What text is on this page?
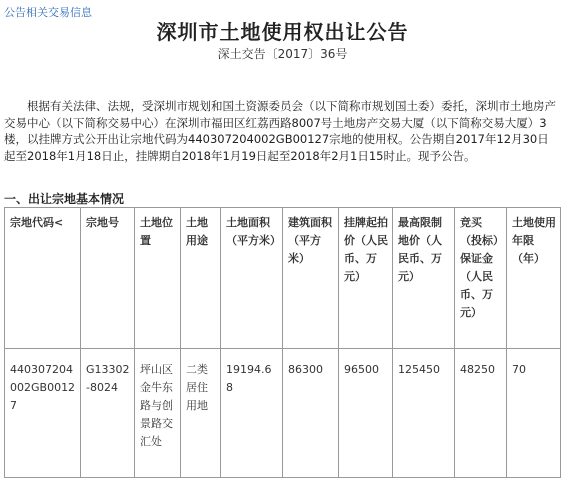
公告相关交易信息
深圳市土地使用权出让公告
深土交告〔2017〕36号

根据有关法律、法规，受深圳市规划和国土资源委员会（以下简称市规划国土委）委托，深圳市土地房产交易中心（以下简称交易中心）在深圳市福田区红荔西路8007号土地房产交易大厦（以下简称交易大厦）3楼，以挂牌方式公开出让宗地代码为440307204002GB00127宗地的使用权。公告期自2017年12月30日起至2018年1月18日止，挂牌期自2018年1月19日起至2018年2月1日15时止。现予公告。

一、出让宗地基本情况
宗地代码<	宗地号	土地位置	土地用途	土地面积（平方米）	建筑面积（平方米）	挂牌起拍价（人民币、万元）	最高限制地价（人民币、万元）	竞买（投标）保证金（人民币、万元）	土地使用年限（年）
440307204002GB00127	G13302-8024	坪山区金牛东路与创景路交汇处	二类居住用地	19194.68	86300	96500	125450	48250	70
